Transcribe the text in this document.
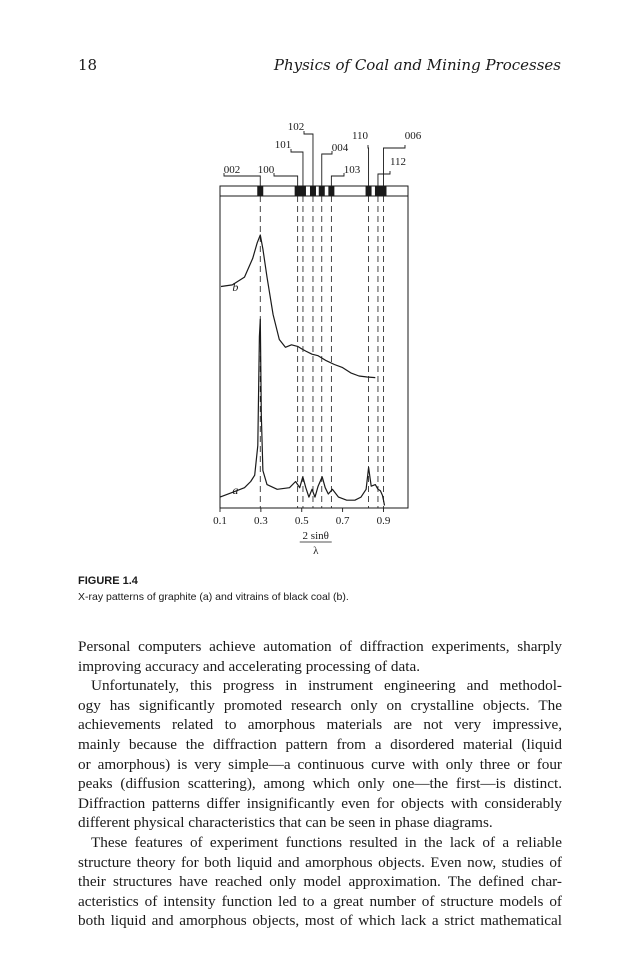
18	Physics of Coal and Mining Processes
002 100
101
102
004
103
110
112
006
b
a
0.1 0.3 0.5 0.7 0.9
2 sinθ
λ
FIGURE 1.4
X-ray patterns of graphite (a) and vitrains of black coal (b).

Personal computers achieve automation of diffraction experiments, sharply

improving accuracy and accelerating processing of data.

Unfortunately, this progress in instrument engineering and methodol-

ogy has significantly promoted research only on crystalline objects. The

achievements related to amorphous materials are not very impressive,

mainly because the diffraction pattern from a disordered material (liquid

or amorphous) is very simple—a continuous curve with only three or four

peaks (diffusion scattering), among which only one—the first—is distinct.

Diffraction patterns differ insignificantly even for objects with considerably

different physical characteristics that can be seen in phase diagrams.

These features of experiment functions resulted in the lack of a reliable

structure theory for both liquid and amorphous objects. Even now, studies of

their structures have reached only model approximation. The defined char-

acteristics of intensity function led to a great number of structure models of

both liquid and amorphous objects, most of which lack a strict mathematical
